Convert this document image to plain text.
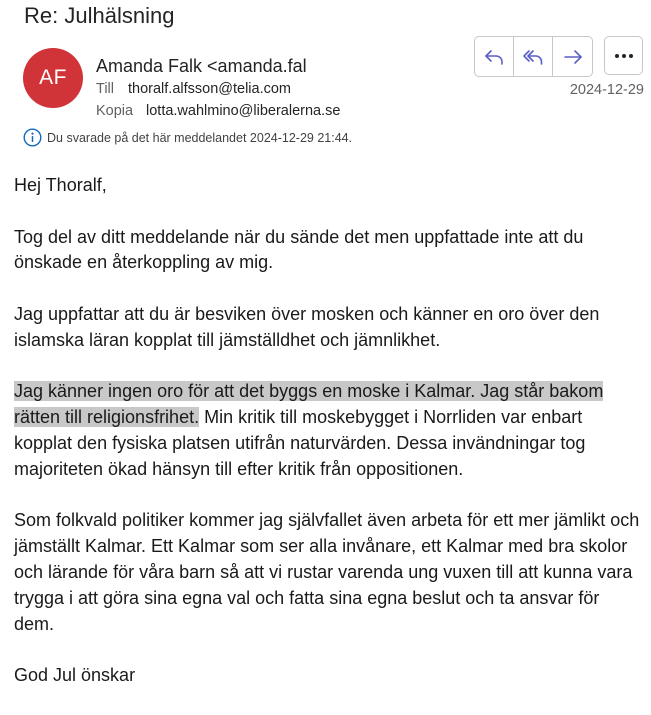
Re: Julhälsning
AF Amanda Falk <amanda.fal
Till thoralf.alfsson@telia.com
Kopia lotta.wahlmino@liberalerna.se
2024-12-29
Du svarade på det här meddelandet 2024-12-29 21:44.

Hej Thoralf,

Tog del av ditt meddelande när du sände det men uppfattade inte att du önskade en återkoppling av mig.

Jag uppfattar att du är besviken över mosken och känner en oro över den islamska läran kopplat till jämställdhet och jämnlikhet.

Jag känner ingen oro för att det byggs en moske i Kalmar. Jag står bakom rätten till religionsfrihet. Min kritik till moskebygget i Norrliden var enbart kopplat den fysiska platsen utifrån naturvärden. Dessa invändningar tog majoriteten ökad hänsyn till efter kritik från oppositionen.

Som folkvald politiker kommer jag självfallet även arbeta för ett mer jämlikt och jämställt Kalmar. Ett Kalmar som ser alla invånare, ett Kalmar med bra skolor och lärande för våra barn så att vi rustar varenda ung vuxen till att kunna vara trygga i att göra sina egna val och fatta sina egna beslut och ta ansvar för dem.

God Jul önskar
